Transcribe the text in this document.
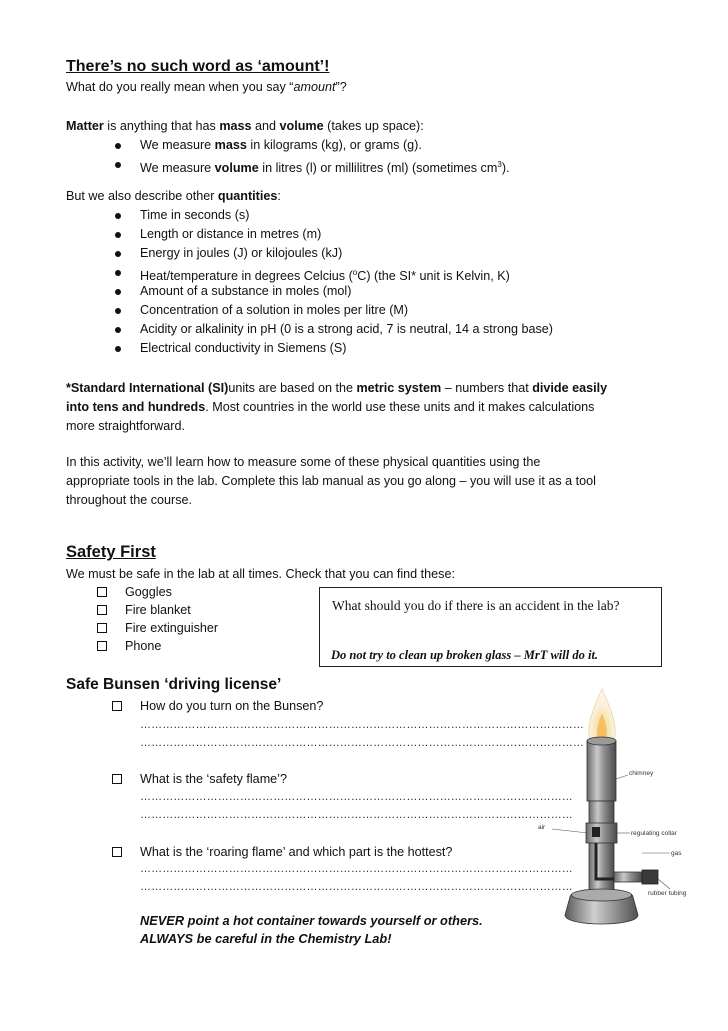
There’s no such word as ‘amount’!
What do you really mean when you say “amount”?
Matter is anything that has mass and volume (takes up space):
We measure mass in kilograms (kg), or grams (g).
We measure volume in litres (l) or millilitres (ml) (sometimes $cm^3$).
But we also describe other quantities:
Time in seconds (s)
Length or distance in metres (m)
Energy in joules (J) or kilojoules (kJ)
Heat/temperature in degrees Celcius ($^o$C) (the SI* unit is Kelvin, K)
Amount of a substance in moles (mol)
Concentration of a solution in moles per litre (M)
Acidity or alkalinity in pH (0 is a strong acid, 7 is neutral, 14 a strong base)
Electrical conductivity in Siemens (S)
*Standard International (SI)units are based on the metric system – numbers that divide easily
into tens and hundreds. Most countries in the world use these units and it makes calculations
more straightforward.
In this activity, we’ll learn how to measure some of these physical quantities using the
appropriate tools in the lab. Complete this lab manual as you go along – you will use it as a tool
throughout the course.
Safety First
We must be safe in the lab at all times. Check that you can find these:
Goggles
Fire blanket
Fire extinguisher
Phone
What should you do if there is an accident in the lab?
Do not try to clean up broken glass – MrT will do it.
Safe Bunsen ‘driving license’
How do you turn on the Bunsen?
…………………………………………………………………………………………………………
…………………………………………………………………………………………………………
What is the ‘safety flame’?
………………………………………………………………………………………………………
………………………………………………………………………………………………………
What is the ‘roaring flame’ and which part is the hottest?
………………………………………………………………………………………………………
………………………………………………………………………………………………………
NEVER point a hot container towards yourself or others.
ALWAYS be careful in the Chemistry Lab!
chimney
regulating collar
air
gas
rubber tubing
